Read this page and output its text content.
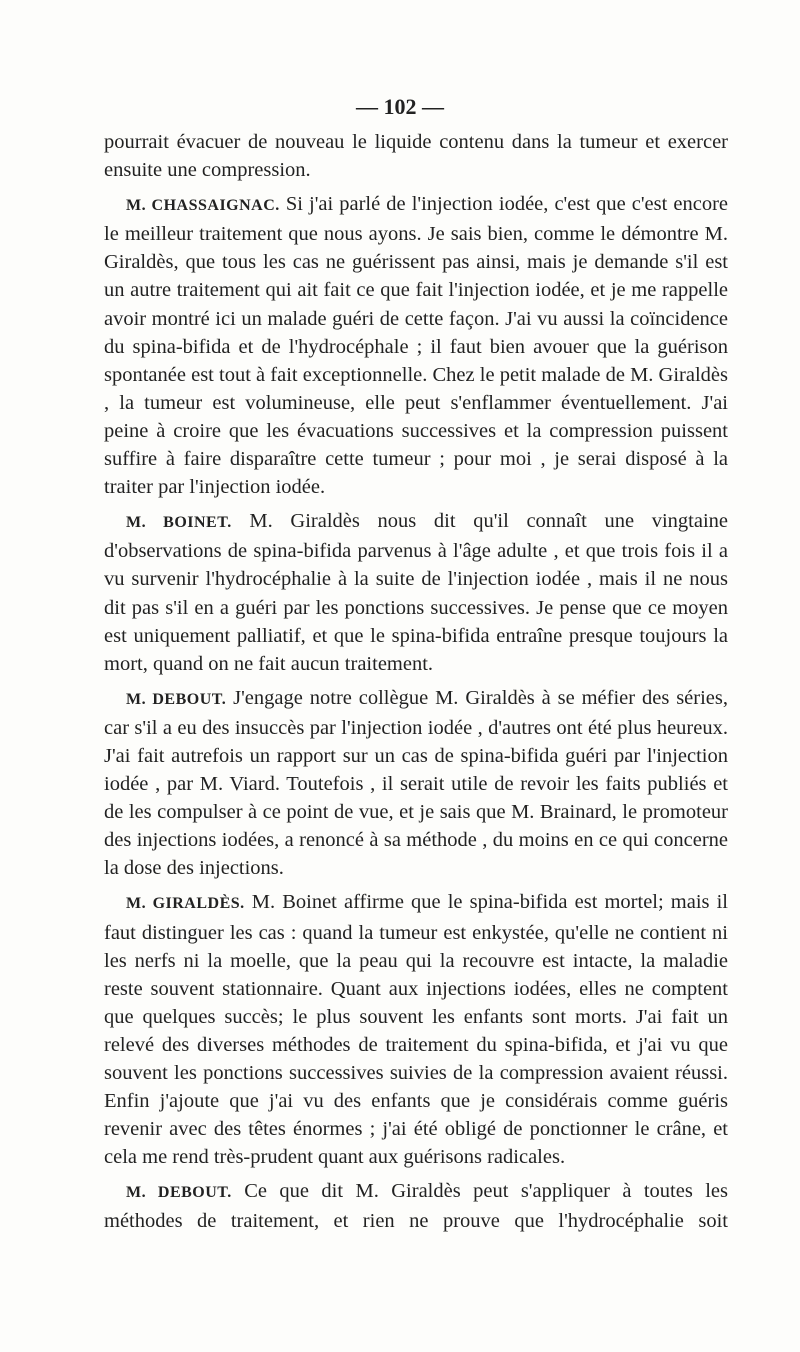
— 102 —

pourrait évacuer de nouveau le liquide contenu dans la tumeur et exercer ensuite une compression.

M. CHASSAIGNAC. Si j'ai parlé de l'injection iodée, c'est que c'est encore le meilleur traitement que nous ayons. Je sais bien, comme le démontre M. Giraldès, que tous les cas ne guérissent pas ainsi, mais je demande s'il est un autre traitement qui ait fait ce que fait l'injection iodée, et je me rappelle avoir montré ici un malade guéri de cette façon. J'ai vu aussi la coïncidence du spina-bifida et de l'hydrocéphale ; il faut bien avouer que la guérison spontanée est tout à fait exceptionnelle. Chez le petit malade de M. Giraldès , la tumeur est volumineuse, elle peut s'enflammer éventuellement. J'ai peine à croire que les évacuations successives et la compression puissent suffire à faire disparaître cette tumeur ; pour moi , je serai disposé à la traiter par l'injection iodée.

M. BOINET. M. Giraldès nous dit qu'il connaît une vingtaine d'observations de spina-bifida parvenus à l'âge adulte , et que trois fois il a vu survenir l'hydrocéphalie à la suite de l'injection iodée , mais il ne nous dit pas s'il en a guéri par les ponctions successives. Je pense que ce moyen est uniquement palliatif, et que le spina-bifida entraîne presque toujours la mort, quand on ne fait aucun traitement.

M. DEBOUT. J'engage notre collègue M. Giraldès à se méfier des séries, car s'il a eu des insuccès par l'injection iodée , d'autres ont été plus heureux. J'ai fait autrefois un rapport sur un cas de spina-bifida guéri par l'injection iodée , par M. Viard. Toutefois , il serait utile de revoir les faits publiés et de les compulser à ce point de vue, et je sais que M. Brainard, le promoteur des injections iodées, a renoncé à sa méthode , du moins en ce qui concerne la dose des injections.

M. GIRALDÈS. M. Boinet affirme que le spina-bifida est mortel; mais il faut distinguer les cas : quand la tumeur est enkystée, qu'elle ne contient ni les nerfs ni la moelle, que la peau qui la recouvre est intacte, la maladie reste souvent stationnaire. Quant aux injections iodées, elles ne comptent que quelques succès; le plus souvent les enfants sont morts. J'ai fait un relevé des diverses méthodes de traitement du spina-bifida, et j'ai vu que souvent les ponctions successives suivies de la compression avaient réussi. Enfin j'ajoute que j'ai vu des enfants que je considérais comme guéris revenir avec des têtes énormes ; j'ai été obligé de ponctionner le crâne, et cela me rend très-prudent quant aux guérisons radicales.

M. DEBOUT. Ce que dit M. Giraldès peut s'appliquer à toutes les méthodes de traitement, et rien ne prouve que l'hydrocéphalie soit
